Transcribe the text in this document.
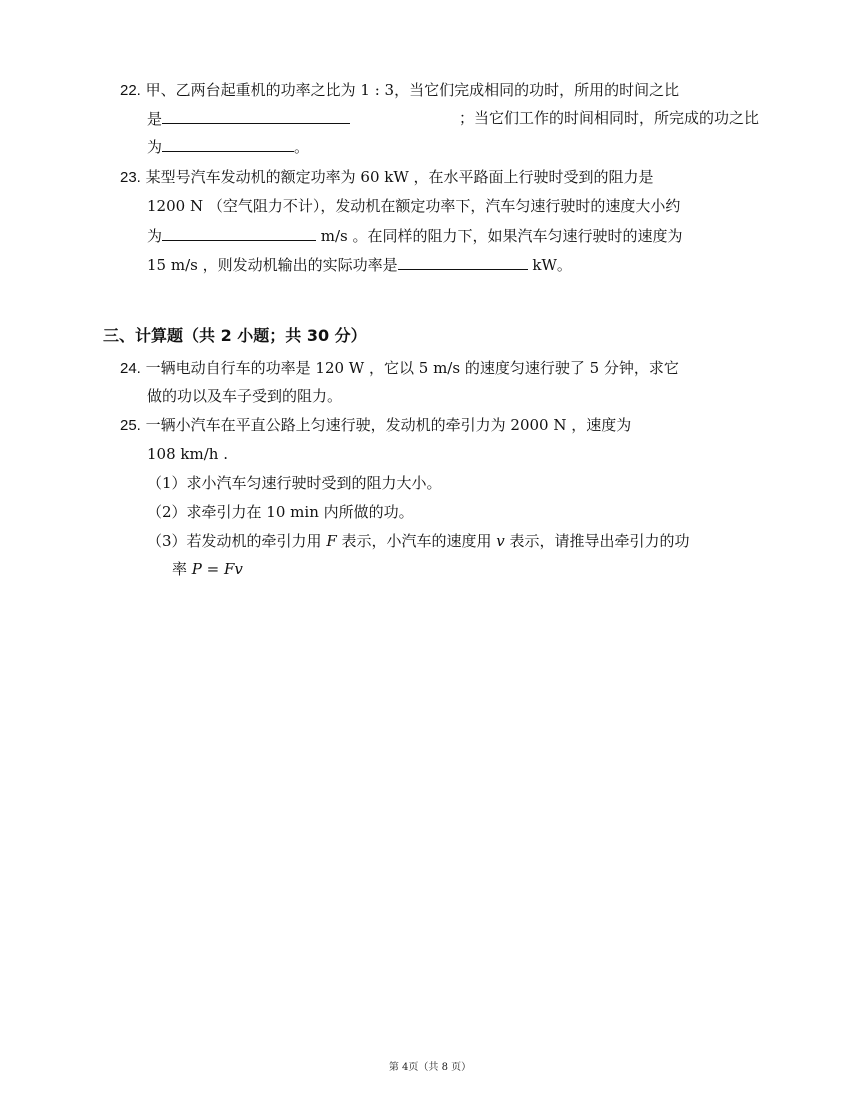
22. 甲、乙两台起重机的功率之比为 1 : 3，当它们完成相同的功时，所用的时间之比
是	；当它们工作的时间相同时，所完成的功之比
为	。
23. 某型号汽车发动机的额定功率为 60 kW ，在水平路面上行驶时受到的阻力是
1200 N （空气阻力不计），发动机在额定功率下，汽车匀速行驶时的速度大小约
为	m/s 。在同样的阻力下，如果汽车匀速行驶时的速度为
15 m/s ，则发动机输出的实际功率是	kW。
三、计算题（共 2 小题；共 30 分）
24. 一辆电动自行车的功率是 120 W ，它以 5 m/s 的速度匀速行驶了 5 分钟，求它
做的功以及车子受到的阻力。
25. 一辆小汽车在平直公路上匀速行驶，发动机的牵引力为 2000 N ，速度为
108 km/h .
（1）求小汽车匀速行驶时受到的阻力大小。
（2）求牵引力在 10 min 内所做的功。
（3）若发动机的牵引力用 F 表示，小汽车的速度用 v 表示，请推导出牵引力的功
率 P = Fv
第 4页（共 8 页）
